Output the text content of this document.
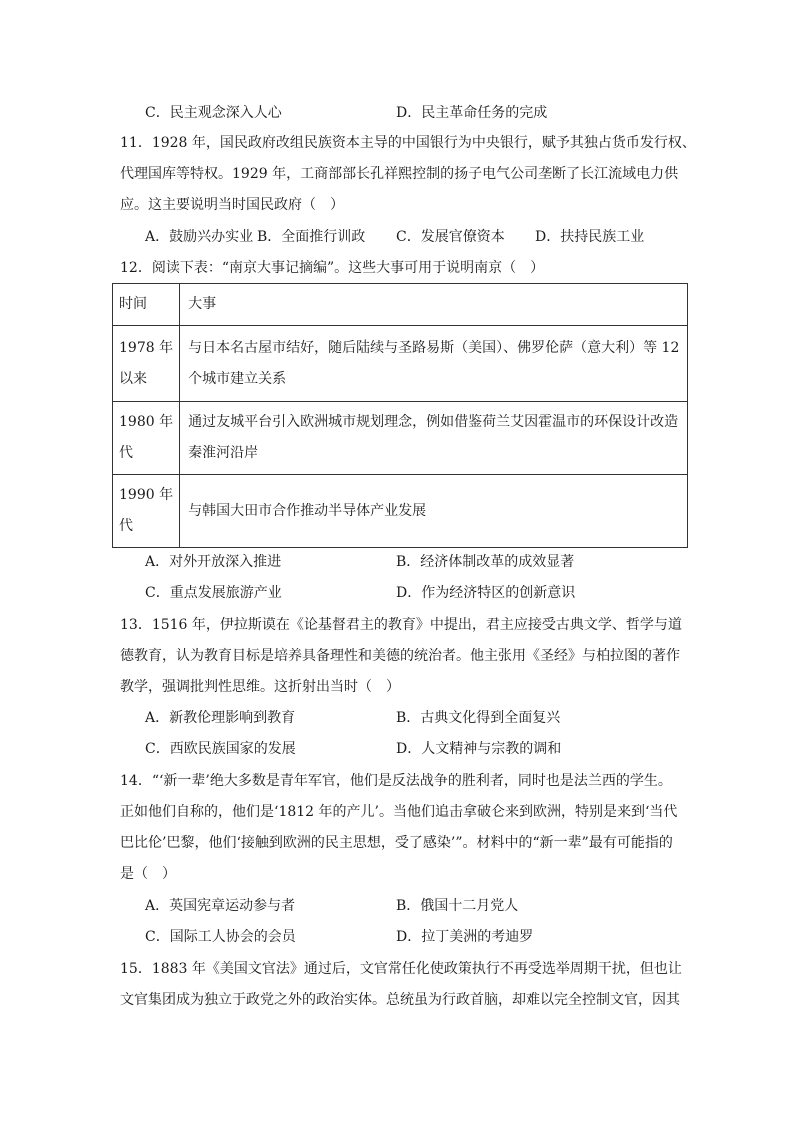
C．民主观念深入人心	D．民主革命任务的完成
11．1928 年，国民政府改组民族资本主导的中国银行为中央银行，赋予其独占货币发行权、
代理国库等特权。1929 年，工商部部长孔祥熙控制的扬子电气公司垄断了长江流域电力供
应。这主要说明当时国民政府（　）
A．鼓励兴办实业 B．全面推行训政 C．发展官僚资本 D．扶持民族工业
12．阅读下表：“南京大事记摘编”。这些大事可用于说明南京（　）
时间	大事

1978 年
以来	与日本名古屋市结好，随后陆续与圣路易斯（美国）、佛罗伦萨（意大利）等 12
个城市建立关系

1980 年
代	通过友城平台引入欧洲城市规划理念，例如借鉴荷兰艾因霍温市的环保设计改造
秦淮河沿岸

1990 年
代	与韩国大田市合作推动半导体产业发展
A．对外开放深入推进	B．经济体制改革的成效显著
C．重点发展旅游产业	D．作为经济特区的创新意识
13．1516 年，伊拉斯谟在《论基督君主的教育》中提出，君主应接受古典文学、哲学与道
德教育，认为教育目标是培养具备理性和美德的统治者。他主张用《圣经》与柏拉图的著作
教学，强调批判性思维。这折射出当时（　）
A．新教伦理影响到教育	B．古典文化得到全面复兴
C．西欧民族国家的发展	D．人文精神与宗教的调和
14．“‘新一辈’绝大多数是青年军官，他们是反法战争的胜利者，同时也是法兰西的学生。
正如他们自称的，他们是‘1812 年的产儿’。当他们追击拿破仑来到欧洲，特别是来到‘当代
巴比伦’巴黎，他们‘接触到欧洲的民主思想，受了感染’”。材料中的“新一辈”最有可能指的
是（　）
A．英国宪章运动参与者	B．俄国十二月党人
C．国际工人协会的会员	D．拉丁美洲的考迪罗
15．1883 年《美国文官法》通过后，文官常任化使政策执行不再受选举周期干扰，但也让
文官集团成为独立于政党之外的政治实体。总统虽为行政首脑，却难以完全控制文官，因其
